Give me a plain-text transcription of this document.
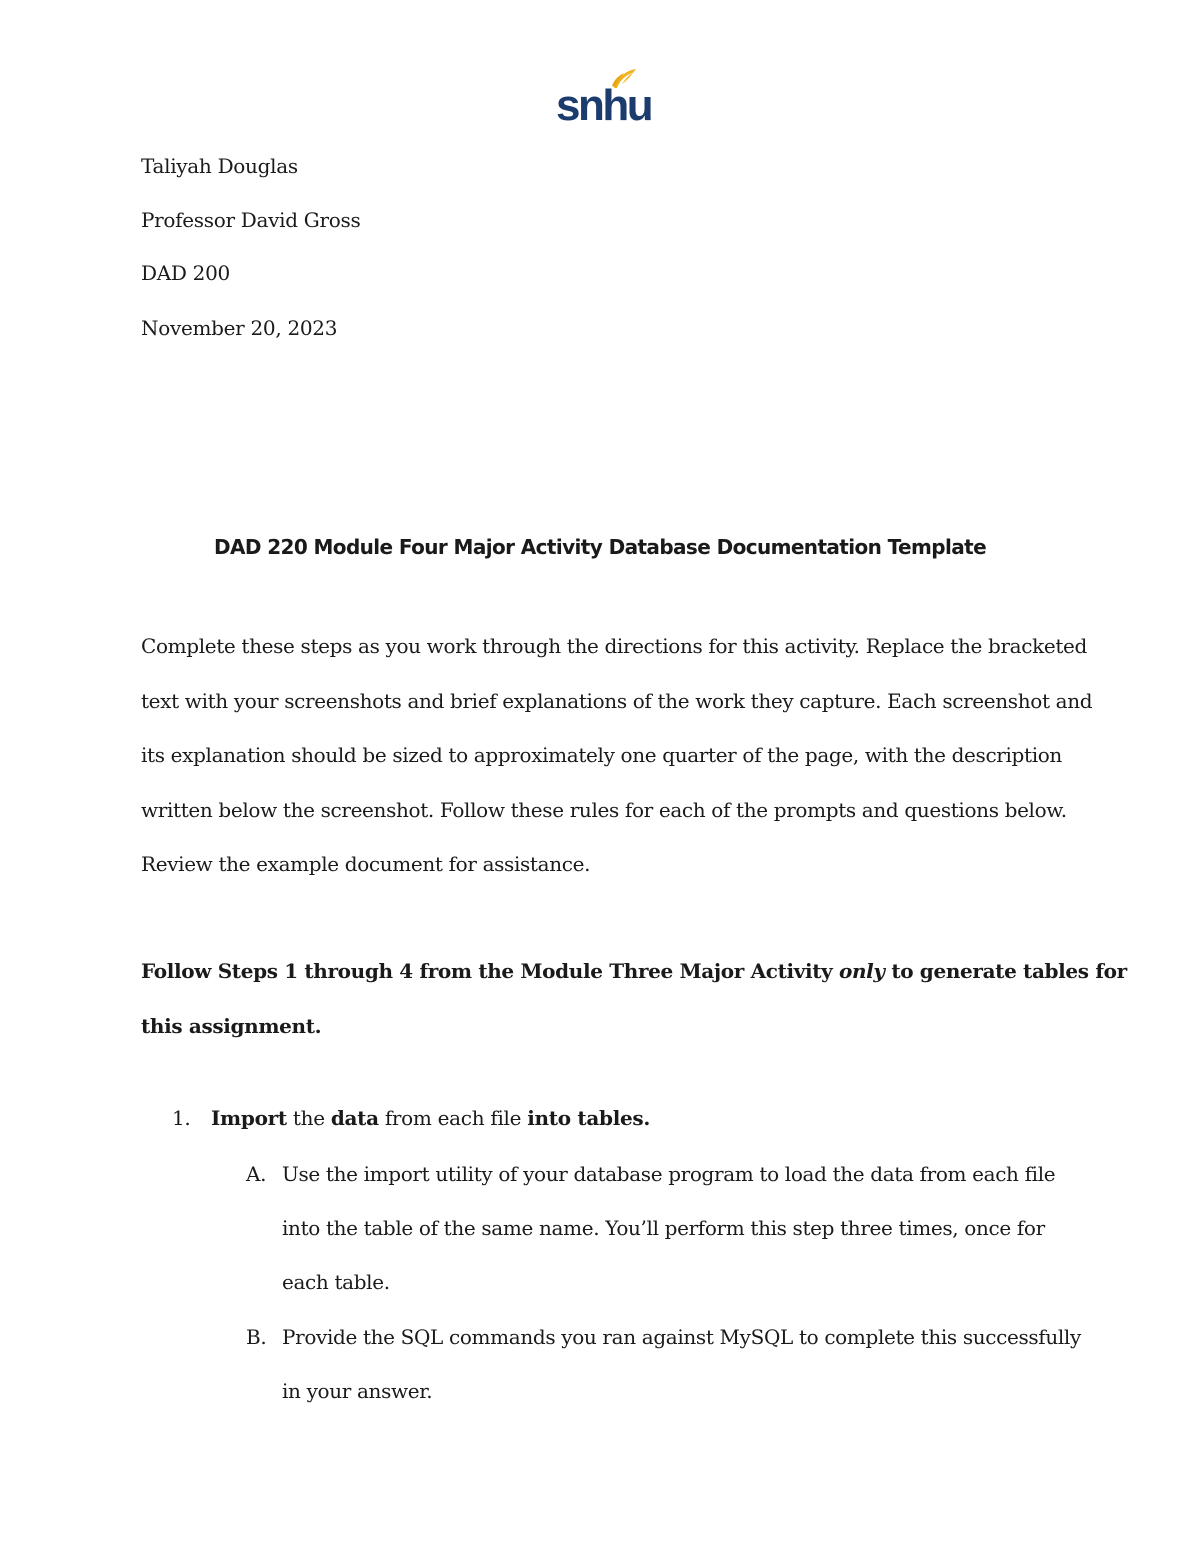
snhu
Taliyah Douglas
Professor David Gross
DAD 200
November 20, 2023
DAD 220 Module Four Major Activity Database Documentation Template
Complete these steps as you work through the directions for this activity. Replace the bracketed
text with your screenshots and brief explanations of the work they capture. Each screenshot and
its explanation should be sized to approximately one quarter of the page, with the description
written below the screenshot. Follow these rules for each of the prompts and questions below.
Review the example document for assistance.
Follow Steps 1 through 4 from the Module Three Major Activity only to generate tables for
this assignment.
1. Import the data from each file into tables.
A. Use the import utility of your database program to load the data from each file
into the table of the same name. You’ll perform this step three times, once for
each table.
B. Provide the SQL commands you ran against MySQL to complete this successfully
in your answer.
